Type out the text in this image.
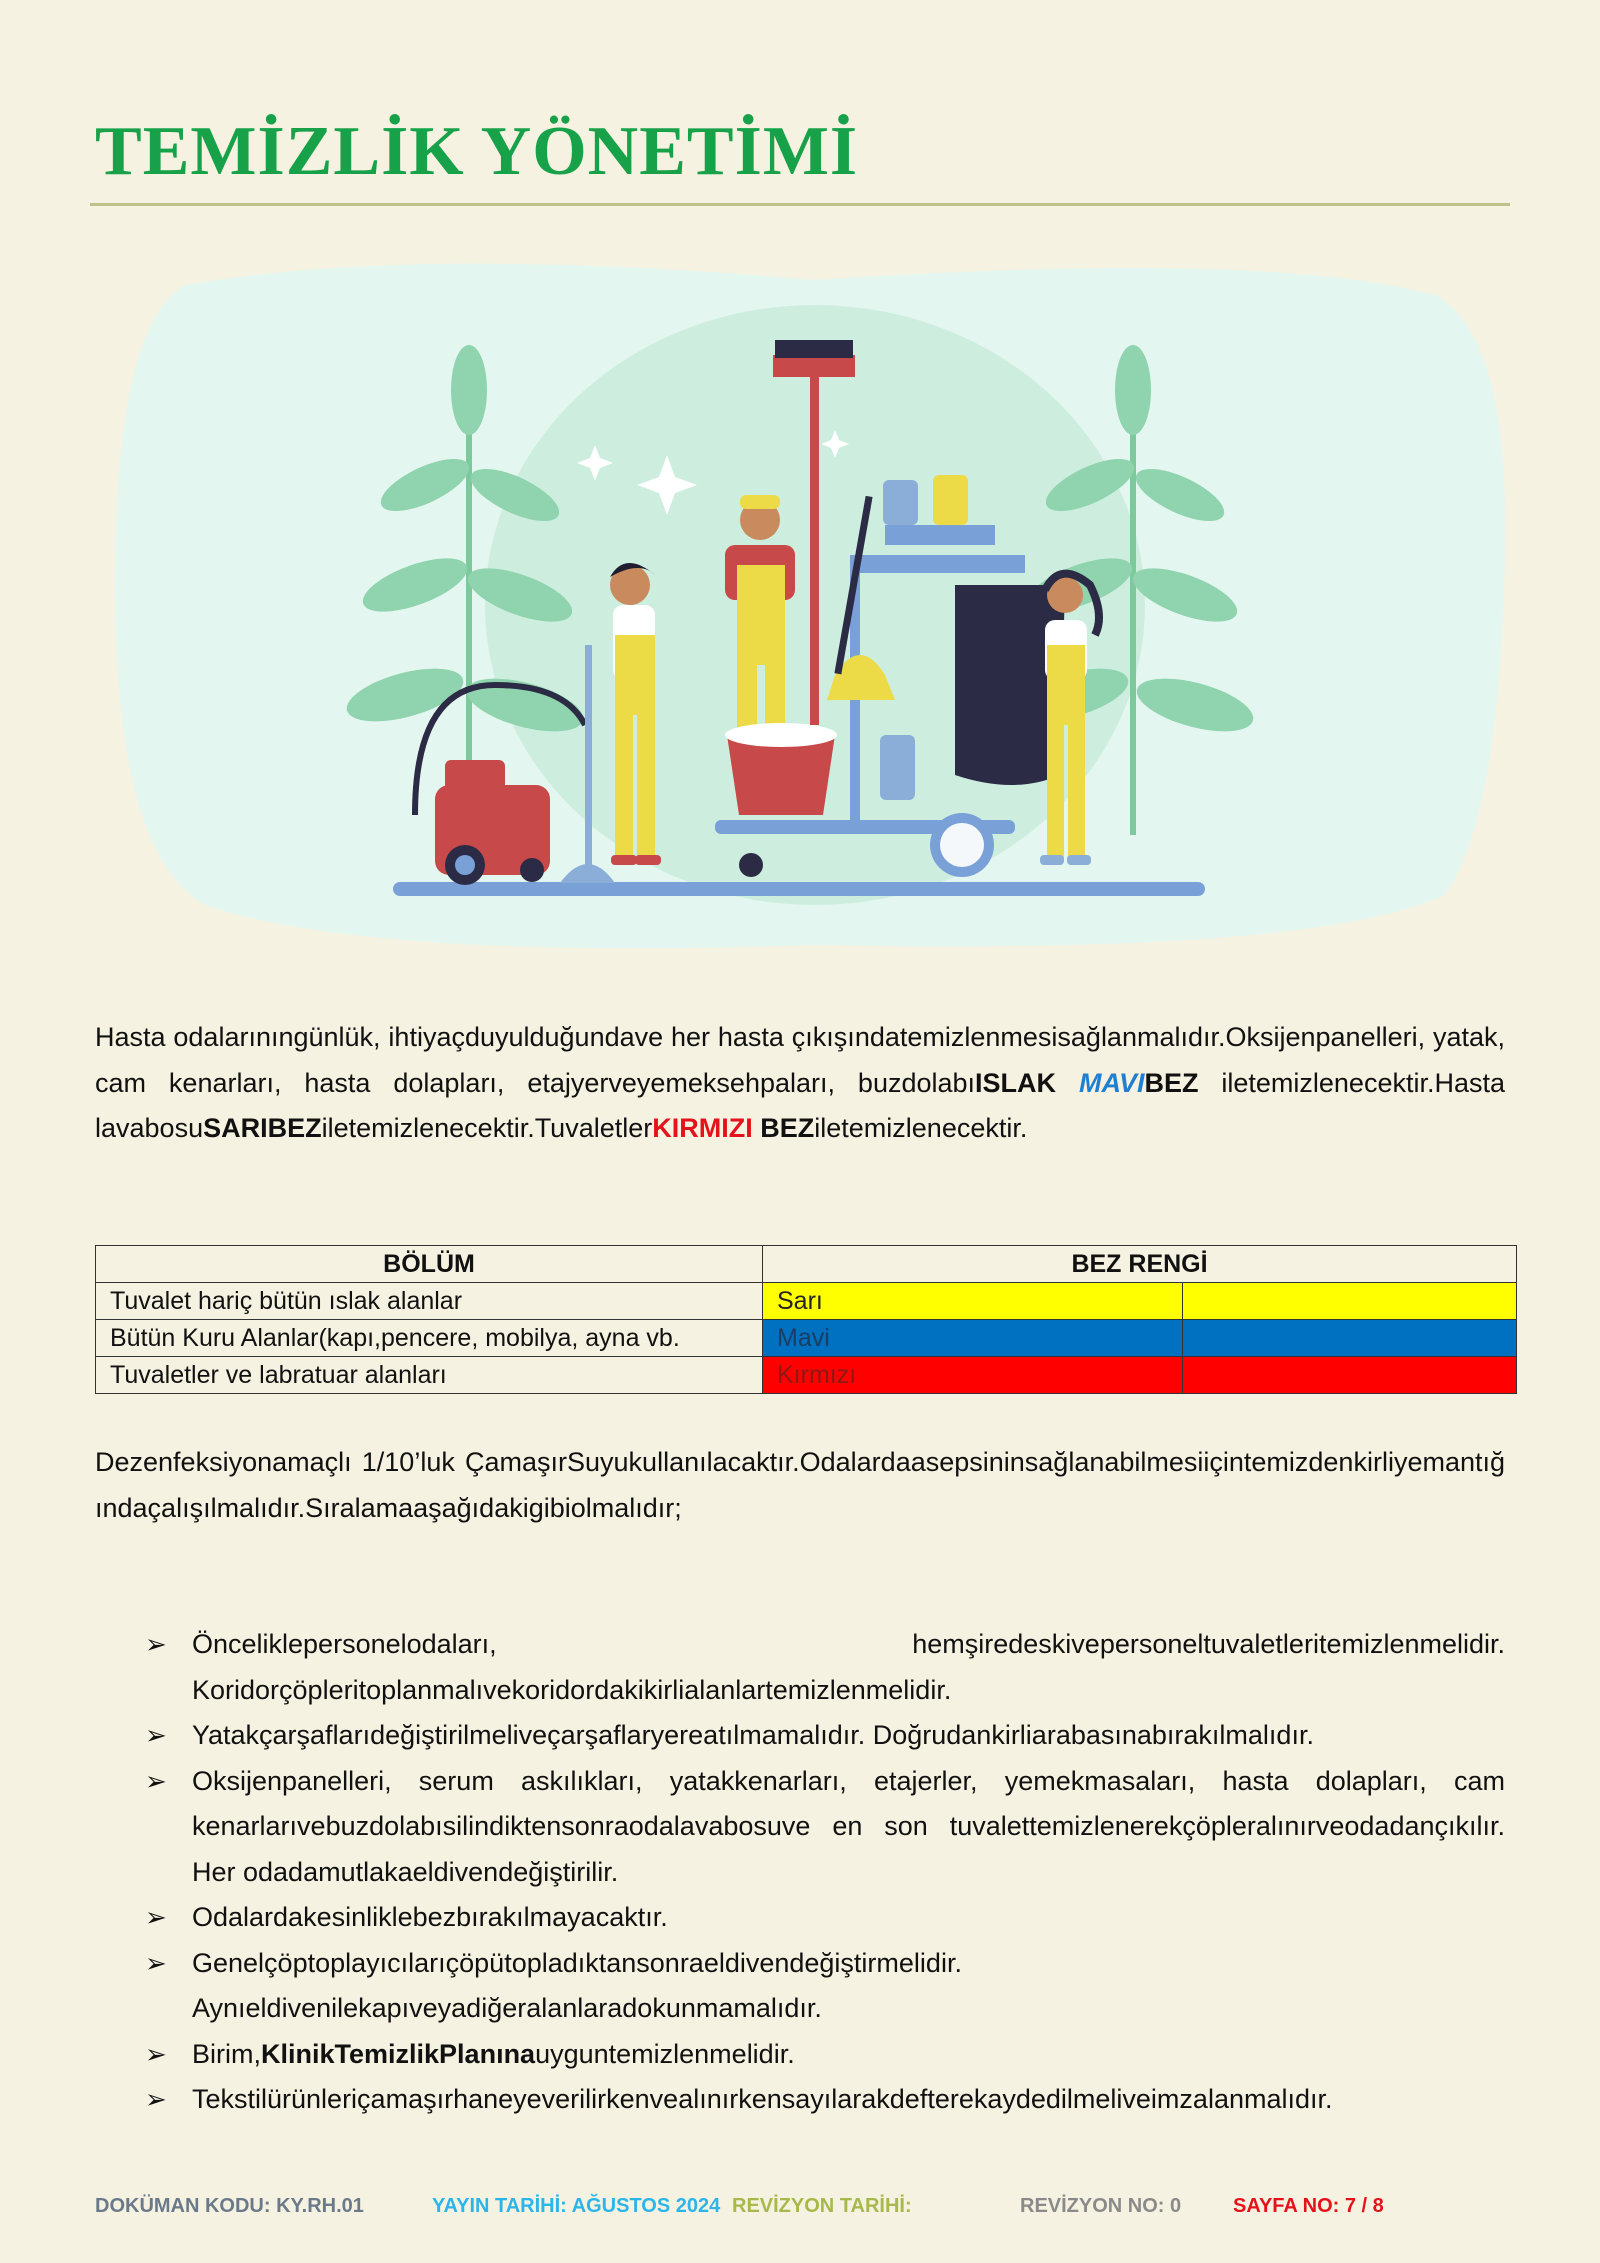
TEMİZLİK YÖNETİMİ

Hasta odalarınıngünlük, ihtiyaçduyulduğundave her hasta çıkışındatemizlenmesisağlanmalıdır.Oksijenpanelleri, yatak, cam kenarları, hasta dolapları, etajyerveyemeksehpaları, buzdolabıISLAK MAVIBEZ iletemizlenecektir.Hasta lavabosuSARIBEZiletemizlenecektir.TuvaletlerKIRMIZI BEZiletemizlenecektir.

BÖLÜM	BEZ RENGİ	
Tuvalet hariç bütün ıslak alanlar	Sarı	
Bütün Kuru Alanlar(kapı,pencere, mobilya, ayna vb.	Mavi	
Tuvaletler ve labratuar alanları	Kırmızı	

Dezenfeksiyonamaçlı 1/10’luk ÇamaşırSuyukullanılacaktır.Odalardaasepsininsağlanabilmesiiçintemizdenkirliyemantığındaçalışılmalıdır.Sıralamaaşağıdakigibiolmalıdır;

➢ Önceliklepersonelodaları, hemşiredeskivepersoneltuvaletleritemizlenmelidir. Koridorçöpleritoplanmalıvekoridordakikirlialanlartemizlenmelidir.
➢ Yatakçarşaflarıdeğiştirilmeliveçarşaflaryereatılmamalıdır. Doğrudankirliarabasınabırakılmalıdır.
➢ Oksijenpanelleri, serum askılıkları, yatakkenarları, etajerler, yemekmasaları, hasta dolapları, cam kenarlarıvebuzdolabısilindiktensonraodalavabosuve en son tuvalettemizlenerekçöpleralınırveodadançıkılır. Her odadamutlakaeldivendeğiştirilir.
➢ Odalardakesinliklebezbırakılmayacaktır.
➢ Genelçöptoplayıcılarıçöpütopladıktansonraeldivendeğiştirmelidir. Aynıeldivenilekapıveyadiğeralanlaradokunmamalıdır.
➢ Birim,KlinikTemizlikPlanınauyguntemizlenmelidir.
➢ Tekstilürünleriçamaşırhaneyeverilirkenvealınırkensayılarakdefterekaydedilmeliveimzalanmalıdır.
DOKÜMAN KODU: KY.RH.01	YAYIN TARİHİ: AĞUSTOS 2024 REVİZYON TARİHİ:	REVİZYON NO: 0	SAYFA NO: 7 / 8
